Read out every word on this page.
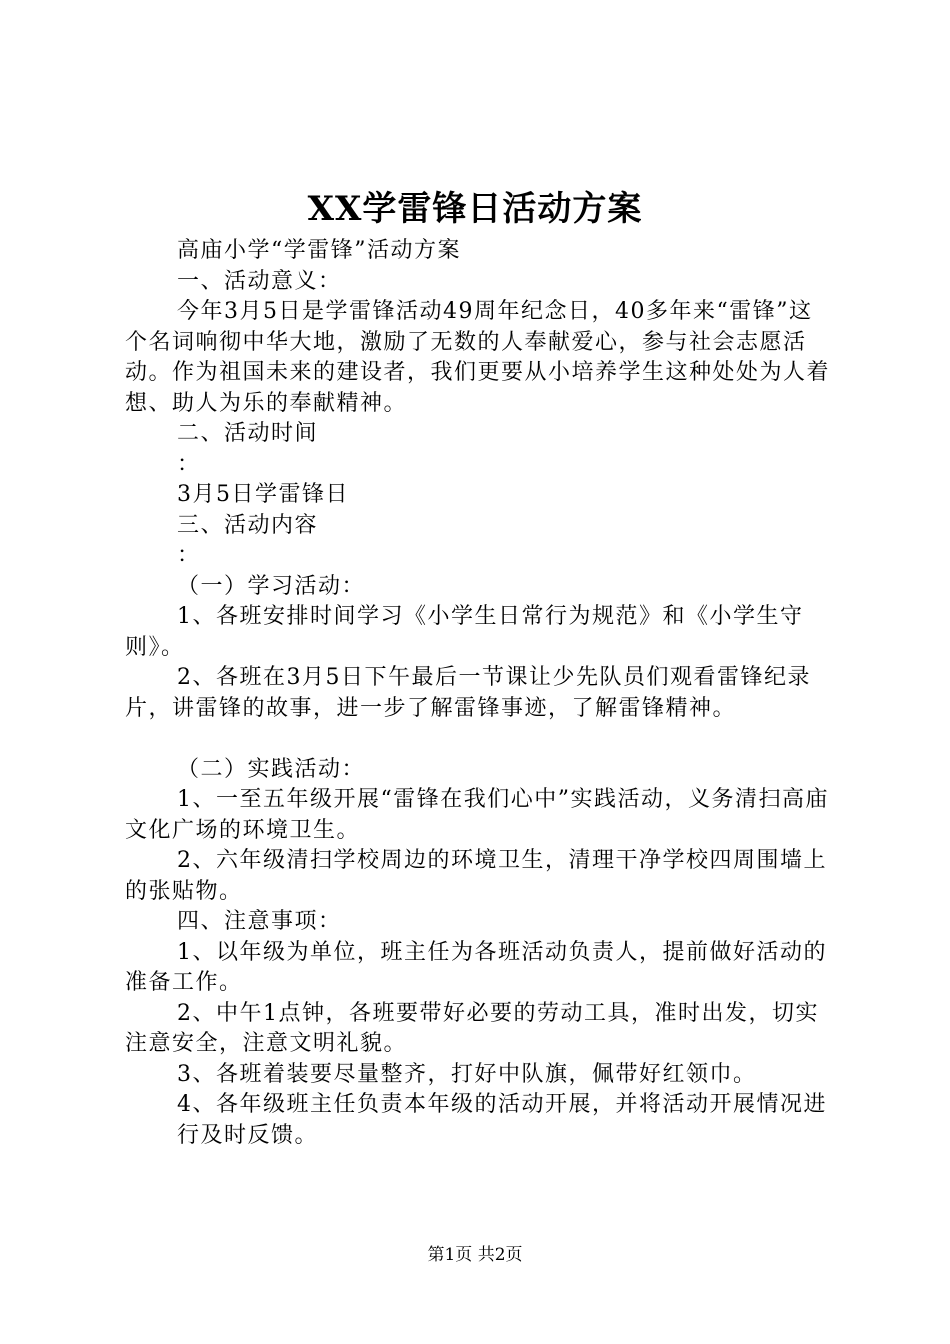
XX学雷锋日活动方案

高庙小学“学雷锋”活动方案

一、活动意义：

今年3月5日是学雷锋活动49周年纪念日，40多年来“雷锋”这个名词响彻中华大地，激励了无数的人奉献爱心，参与社会志愿活动。作为祖国未来的建设者，我们更要从小培养学生这种处处为人着想、助人为乐的奉献精神。

二、活动时间

：

3月5日学雷锋日

三、活动内容

：

（一）学习活动：

1、各班安排时间学习《小学生日常行为规范》和《小学生守则》。

2、各班在3月5日下午最后一节课让少先队员们观看雷锋纪录片，讲雷锋的故事，进一步了解雷锋事迹，了解雷锋精神。

（二）实践活动：

1、一至五年级开展“雷锋在我们心中”实践活动，义务清扫高庙文化广场的环境卫生。

2、六年级清扫学校周边的环境卫生，清理干净学校四周围墙上的张贴物。

四、注意事项：

1、以年级为单位，班主任为各班活动负责人，提前做好活动的准备工作。

2、中午1点钟，各班要带好必要的劳动工具，准时出发，切实注意安全，注意文明礼貌。

3、各班着装要尽量整齐，打好中队旗，佩带好红领巾。

4、各年级班主任负责本年级的活动开展，并将活动开展情况进

行及时反馈。

第1页 共2页
